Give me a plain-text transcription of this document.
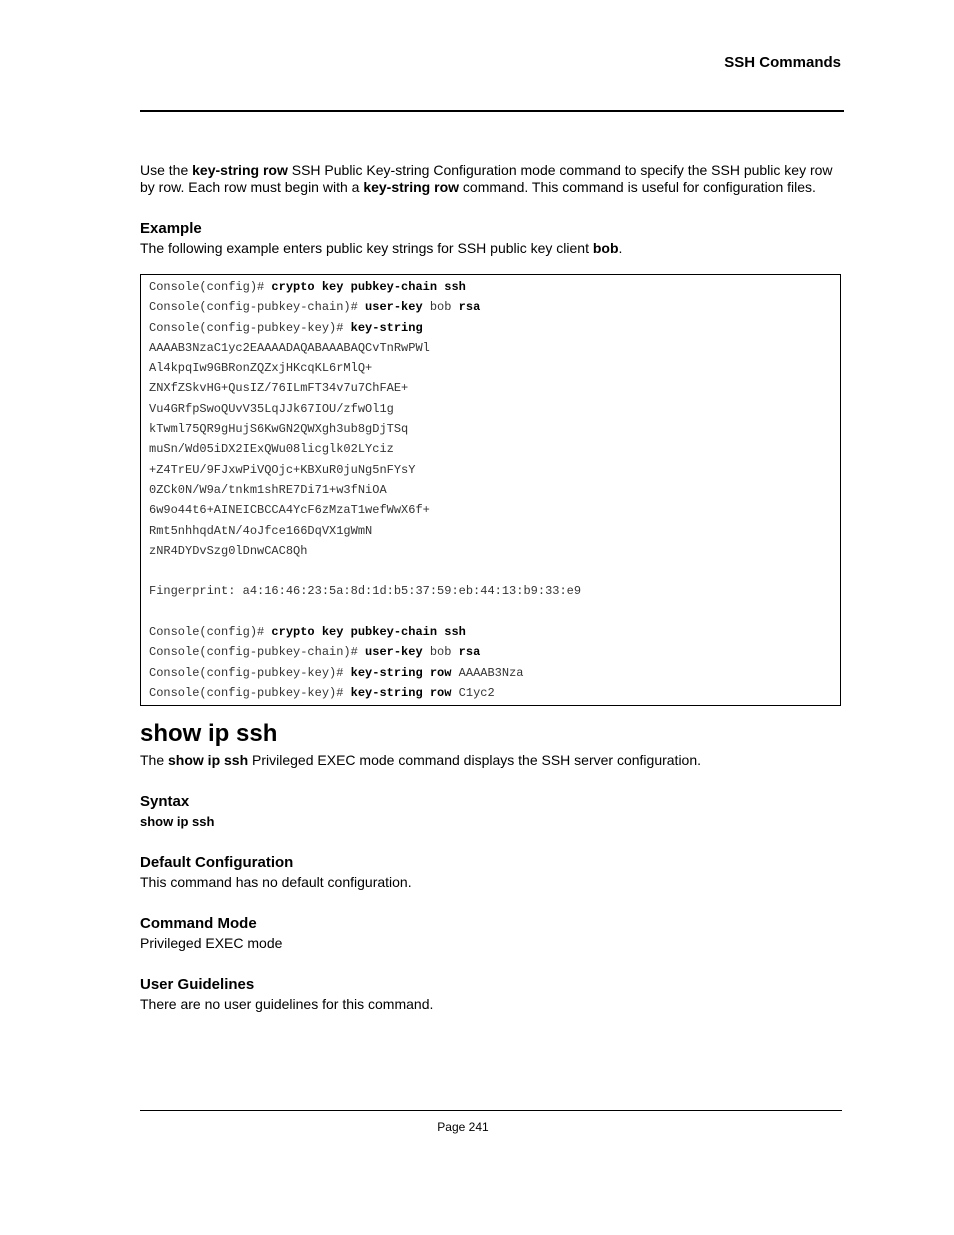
SSH Commands

Use the key-string row SSH Public Key-string Configuration mode command to specify the SSH public key row by row. Each row must begin with a key-string row command. This command is useful for configuration files.

Example

The following example enters public key strings for SSH public key client bob.

Console(config)# crypto key pubkey-chain ssh
Console(config-pubkey-chain)# user-key bob rsa
Console(config-pubkey-key)# key-string
AAAAB3NzaC1yc2EAAAADAQABAAABAQCvTnRwPWl
Al4kpqIw9GBRonZQZxjHKcqKL6rMlQ+
ZNXfZSkvHG+QusIZ/76ILmFT34v7u7ChFAE+
Vu4GRfpSwoQUvV35LqJJk67IOU/zfwOl1g
kTwml75QR9gHujS6KwGN2QWXgh3ub8gDjTSq
muSn/Wd05iDX2IExQWu08licglk02LYciz
+Z4TrEU/9FJxwPiVQOjc+KBXuR0juNg5nFYsY
0ZCk0N/W9a/tnkm1shRE7Di71+w3fNiOA
6w9o44t6+AINEICBCCA4YcF6zMzaT1wefWwX6f+
Rmt5nhhqdAtN/4oJfce166DqVX1gWmN
zNR4DYDvSzg0lDnwCAC8Qh
Fingerprint: a4:16:46:23:5a:8d:1d:b5:37:59:eb:44:13:b9:33:e9
Console(config)# crypto key pubkey-chain ssh
Console(config-pubkey-chain)# user-key bob rsa
Console(config-pubkey-key)# key-string row AAAAB3Nza
Console(config-pubkey-key)# key-string row C1yc2
show ip ssh

The show ip ssh Privileged EXEC mode command displays the SSH server configuration.

Syntax

show ip ssh

Default Configuration

This command has no default configuration.

Command Mode

Privileged EXEC mode

User Guidelines

There are no user guidelines for this command.

Page 241
